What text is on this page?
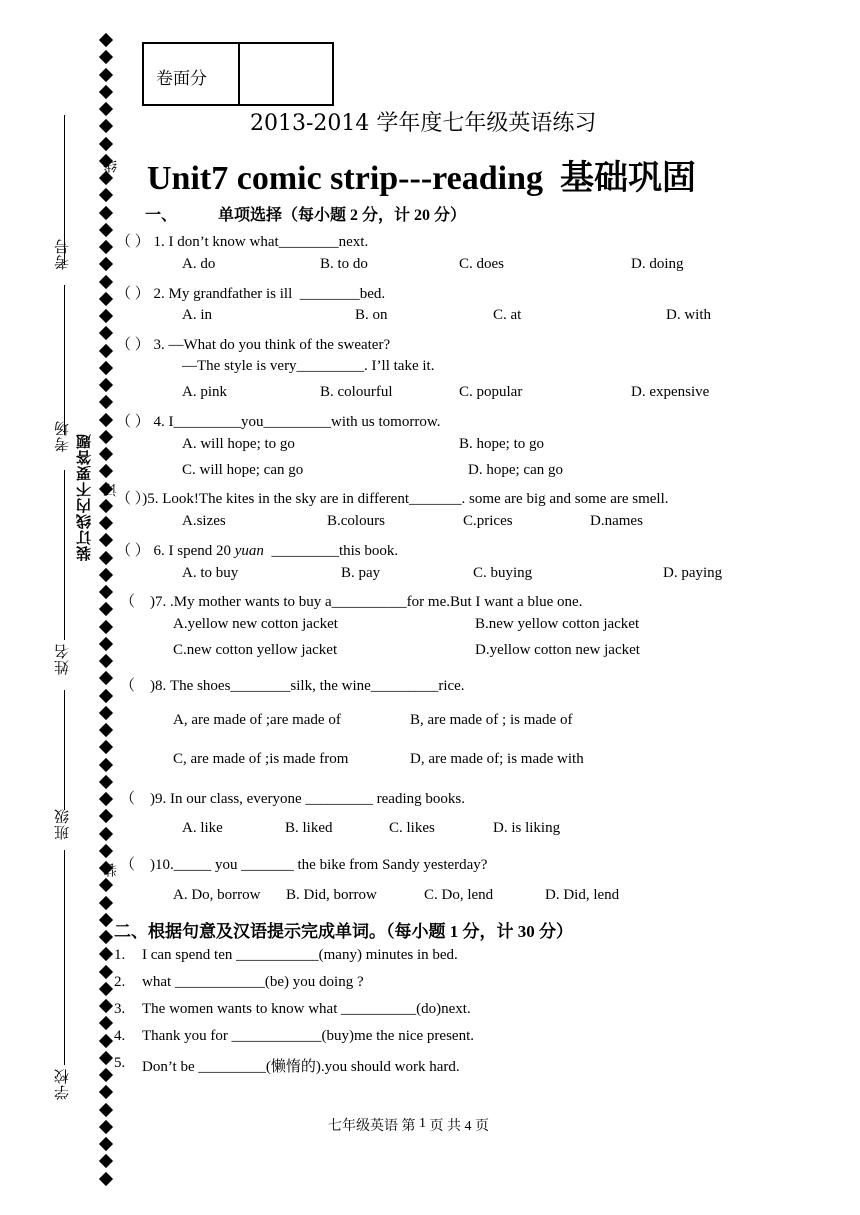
考号
考场
姓名
班级
学校
装订线内不要答题
线
订
装
卷面分
2013-2014 学年度七年级英语练习
Unit7 comic strip---reading  基础巩固
一、	单项选择（每小题 2 分，计 20 分）
（ ） 1. I don’t know what________next.
A. do	B. to do	C. does	D. doing
（ ） 2. My grandfather is ill  ________bed.
A. in	B. on	C. at	D. with
（ ） 3. —What do you think of the sweater?
—The style is very_________. I’ll take it.
A. pink	B. colourful	C. popular	D. expensive
（ ） 4. I_________you_________with us tomorrow.
A. will hope; to go	B. hope; to go
C. will hope; can go	D. hope; can go
（ ）)5. Look!The kites in the sky are in different_______. some are big and some are smell.
A.sizes	B.colours	C.prices	D.names
（ ） 6. I spend 20 yuan  _________this book.
A. to buy	B. pay	C. buying	D. paying
（ )7. .My mother wants to buy a__________for me.But I want a blue one.
A.yellow new cotton jacket	B.new yellow cotton jacket
C.new cotton yellow jacket	D.yellow cotton new jacket
（ )8. The shoes________silk, the wine_________rice.
A, are made of ;are made of	B, are made of ; is made of
C, are made of ;is made from	D, are made of; is made with
（ )9. In our class, everyone _________ reading books.
A. like	B. liked	C. likes	D. is liking
（ )10._____ you _______ the bike from Sandy yesterday?
A. Do, borrow B. Did, borrow	C. Do, lend	D. Did, lend
二、根据句意及汉语提示完成单词。（每小题 1 分，计 30 分）
1. I can spend ten ___________(many) minutes in bed.
2. what ____________(be) you doing ?
3. The women wants to know what __________(do)next.
4. Thank you for ____________(buy)me the nice present.
5. Don’t be _________(懒惰的).you should work hard.
七年级英语 第 1 页 共 4 页
